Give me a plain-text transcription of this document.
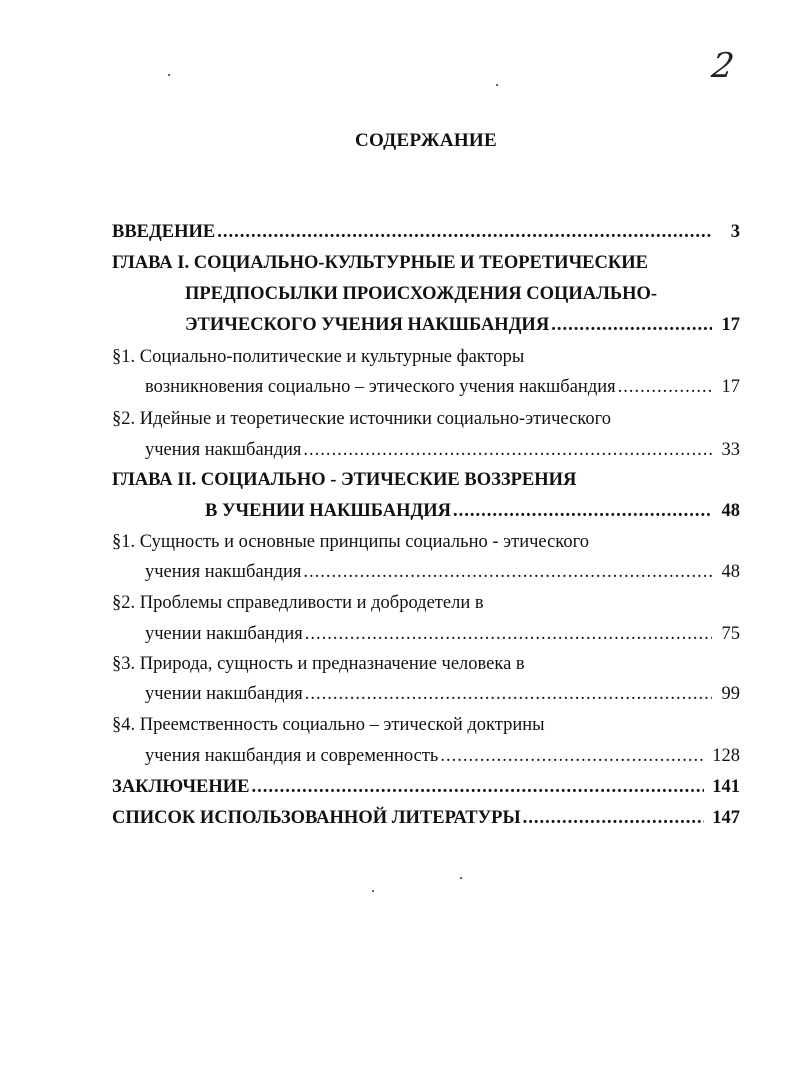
2
СОДЕРЖАНИЕ
ВВЕДЕНИЕ .....	3
ГЛАВА I. СОЦИАЛЬНО-КУЛЬТУРНЫЕ И ТЕОРЕТИЧЕСКИЕ
ПРЕДПОСЫЛКИ ПРОИСХОЖДЕНИЯ СОЦИАЛЬНО-
ЭТИЧЕСКОГО УЧЕНИЯ НАКШБАНДИЯ .....	17
§1. Социально-политические и культурные факторы
возникновения социально – этического учения накшбандия .....	17
§2. Идейные и теоретические источники социально-этического
учения накшбандия .....	33
ГЛАВА II. СОЦИАЛЬНО - ЭТИЧЕСКИЕ ВОЗЗРЕНИЯ
В УЧЕНИИ НАКШБАНДИЯ .....	48
§1. Сущность и основные принципы социально - этического
учения накшбандия .....	48
§2. Проблемы справедливости и добродетели в
учении накшбандия .....	75
§3. Природа, сущность и предназначение человека в
учении накшбандия .....	99
§4. Преемственность социально – этической доктрины
учения накшбандия и современность .....	128
ЗАКЛЮЧЕНИЕ .....	141
СПИСОК ИСПОЛЬЗОВАННОЙ ЛИТЕРАТУРЫ .....	147
